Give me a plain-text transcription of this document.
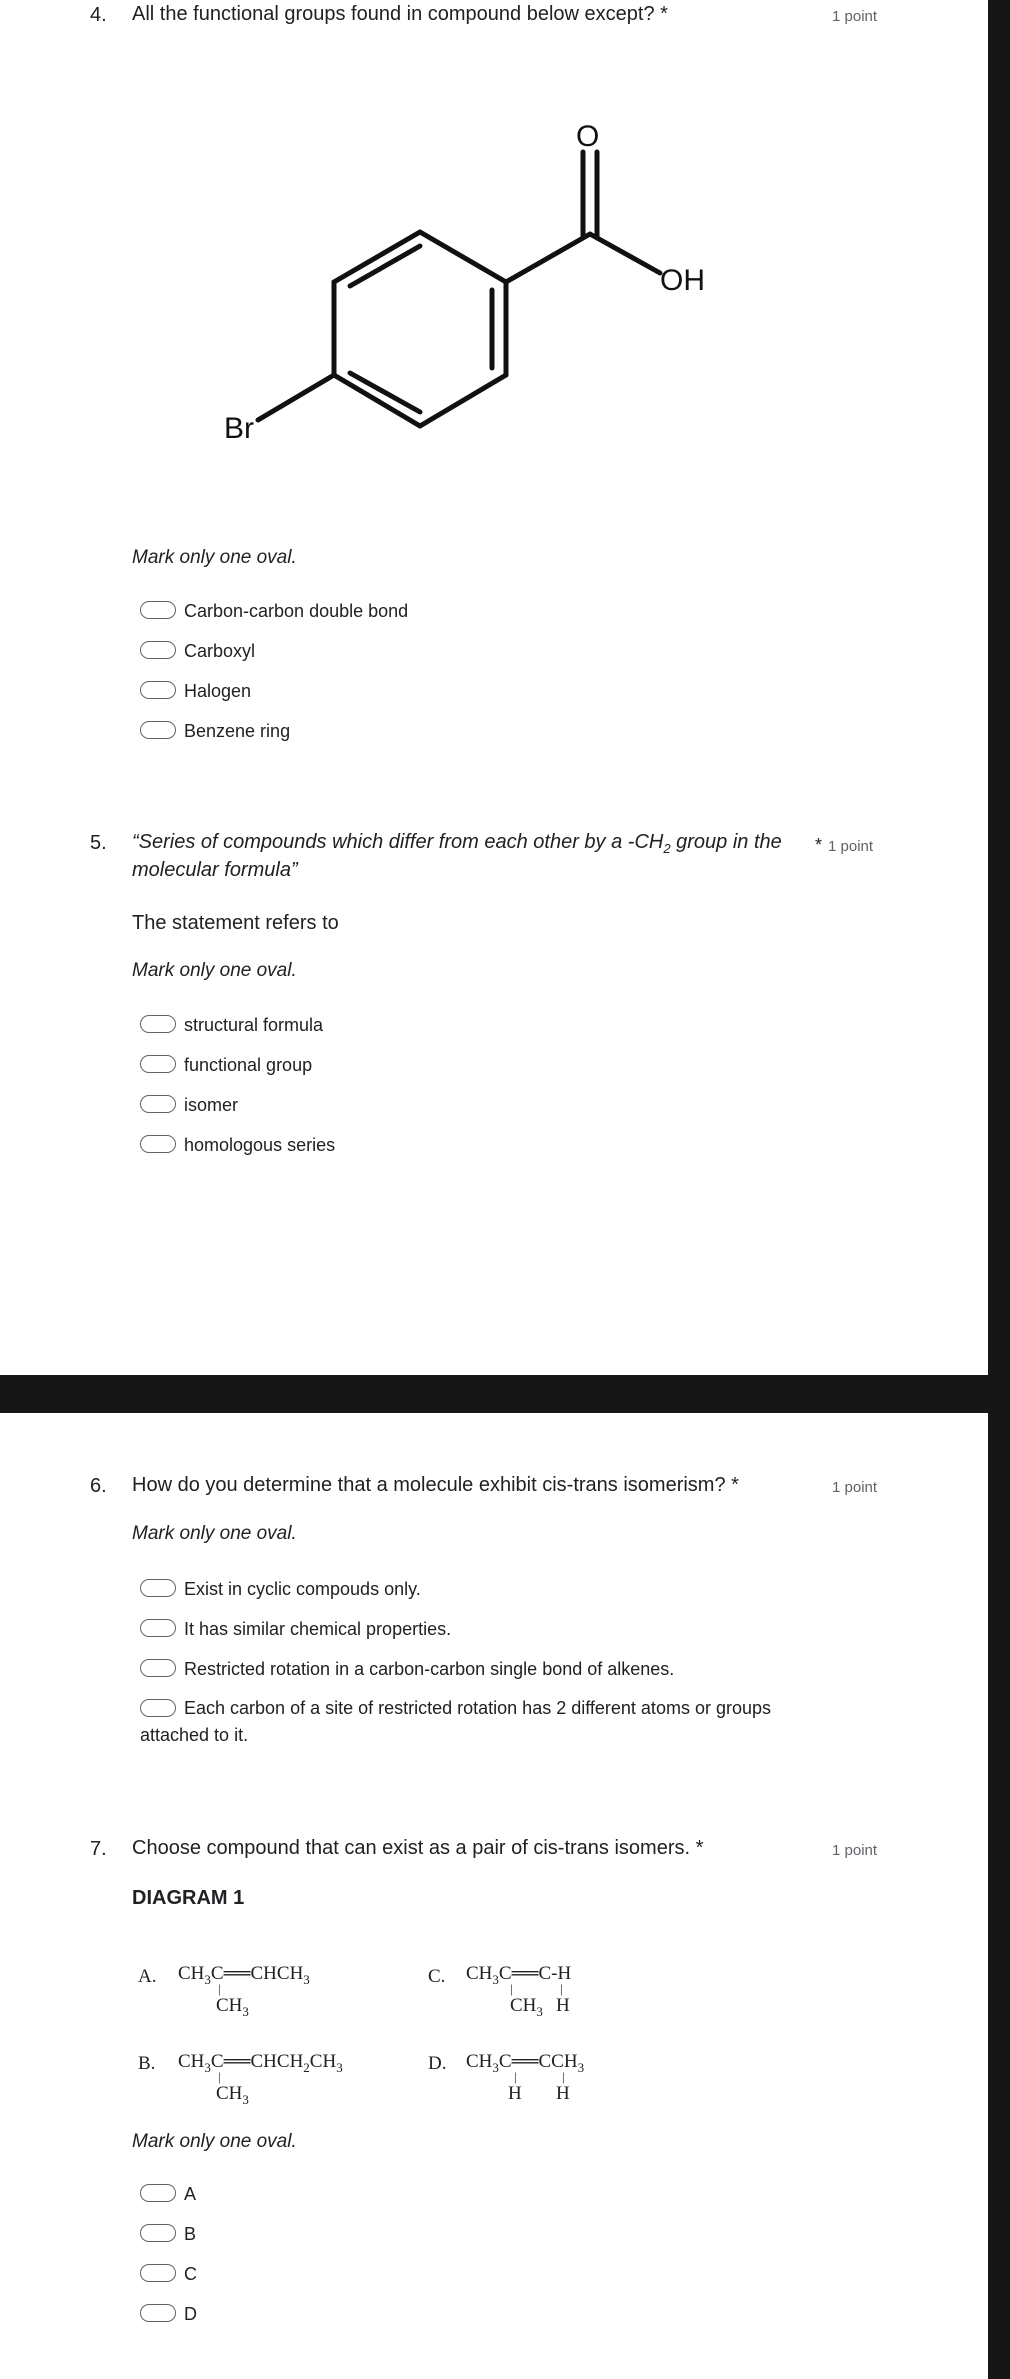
4. All the functional groups found in compound below except? *	1 point
O
OH
Br
Mark only one oval.
Carbon-carbon double bond
Carboxyl
Halogen
Benzene ring
5. “Series of compounds which differ from each other by a $-CH_2$ group in the molecular formula”
* 1 point
The statement refers to
Mark only one oval.
structural formula
functional group
isomer
homologous series
6. How do you determine that a molecule exhibit cis-trans isomerism? *	1 point
Mark only one oval.
Exist in cyclic compouds only.
It has similar chemical properties.
Restricted rotation in a carbon-carbon single bond of alkenes.
Each carbon of a site of restricted rotation has 2 different atoms or groups attached to it.
7. Choose compound that can exist as a pair of cis-trans isomers. *	1 point
DIAGRAM 1
A. $CH_3C══CHCH_3$
|
$CH_3$
C. $CH_3C══C-H$
|	|
$CH_3$ H
B. $CH_3C══CHCH_2CH_3$
|
$CH_3$
D. $CH_3C══CCH_3$
|	|
H H
Mark only one oval.
A
B
C
D
